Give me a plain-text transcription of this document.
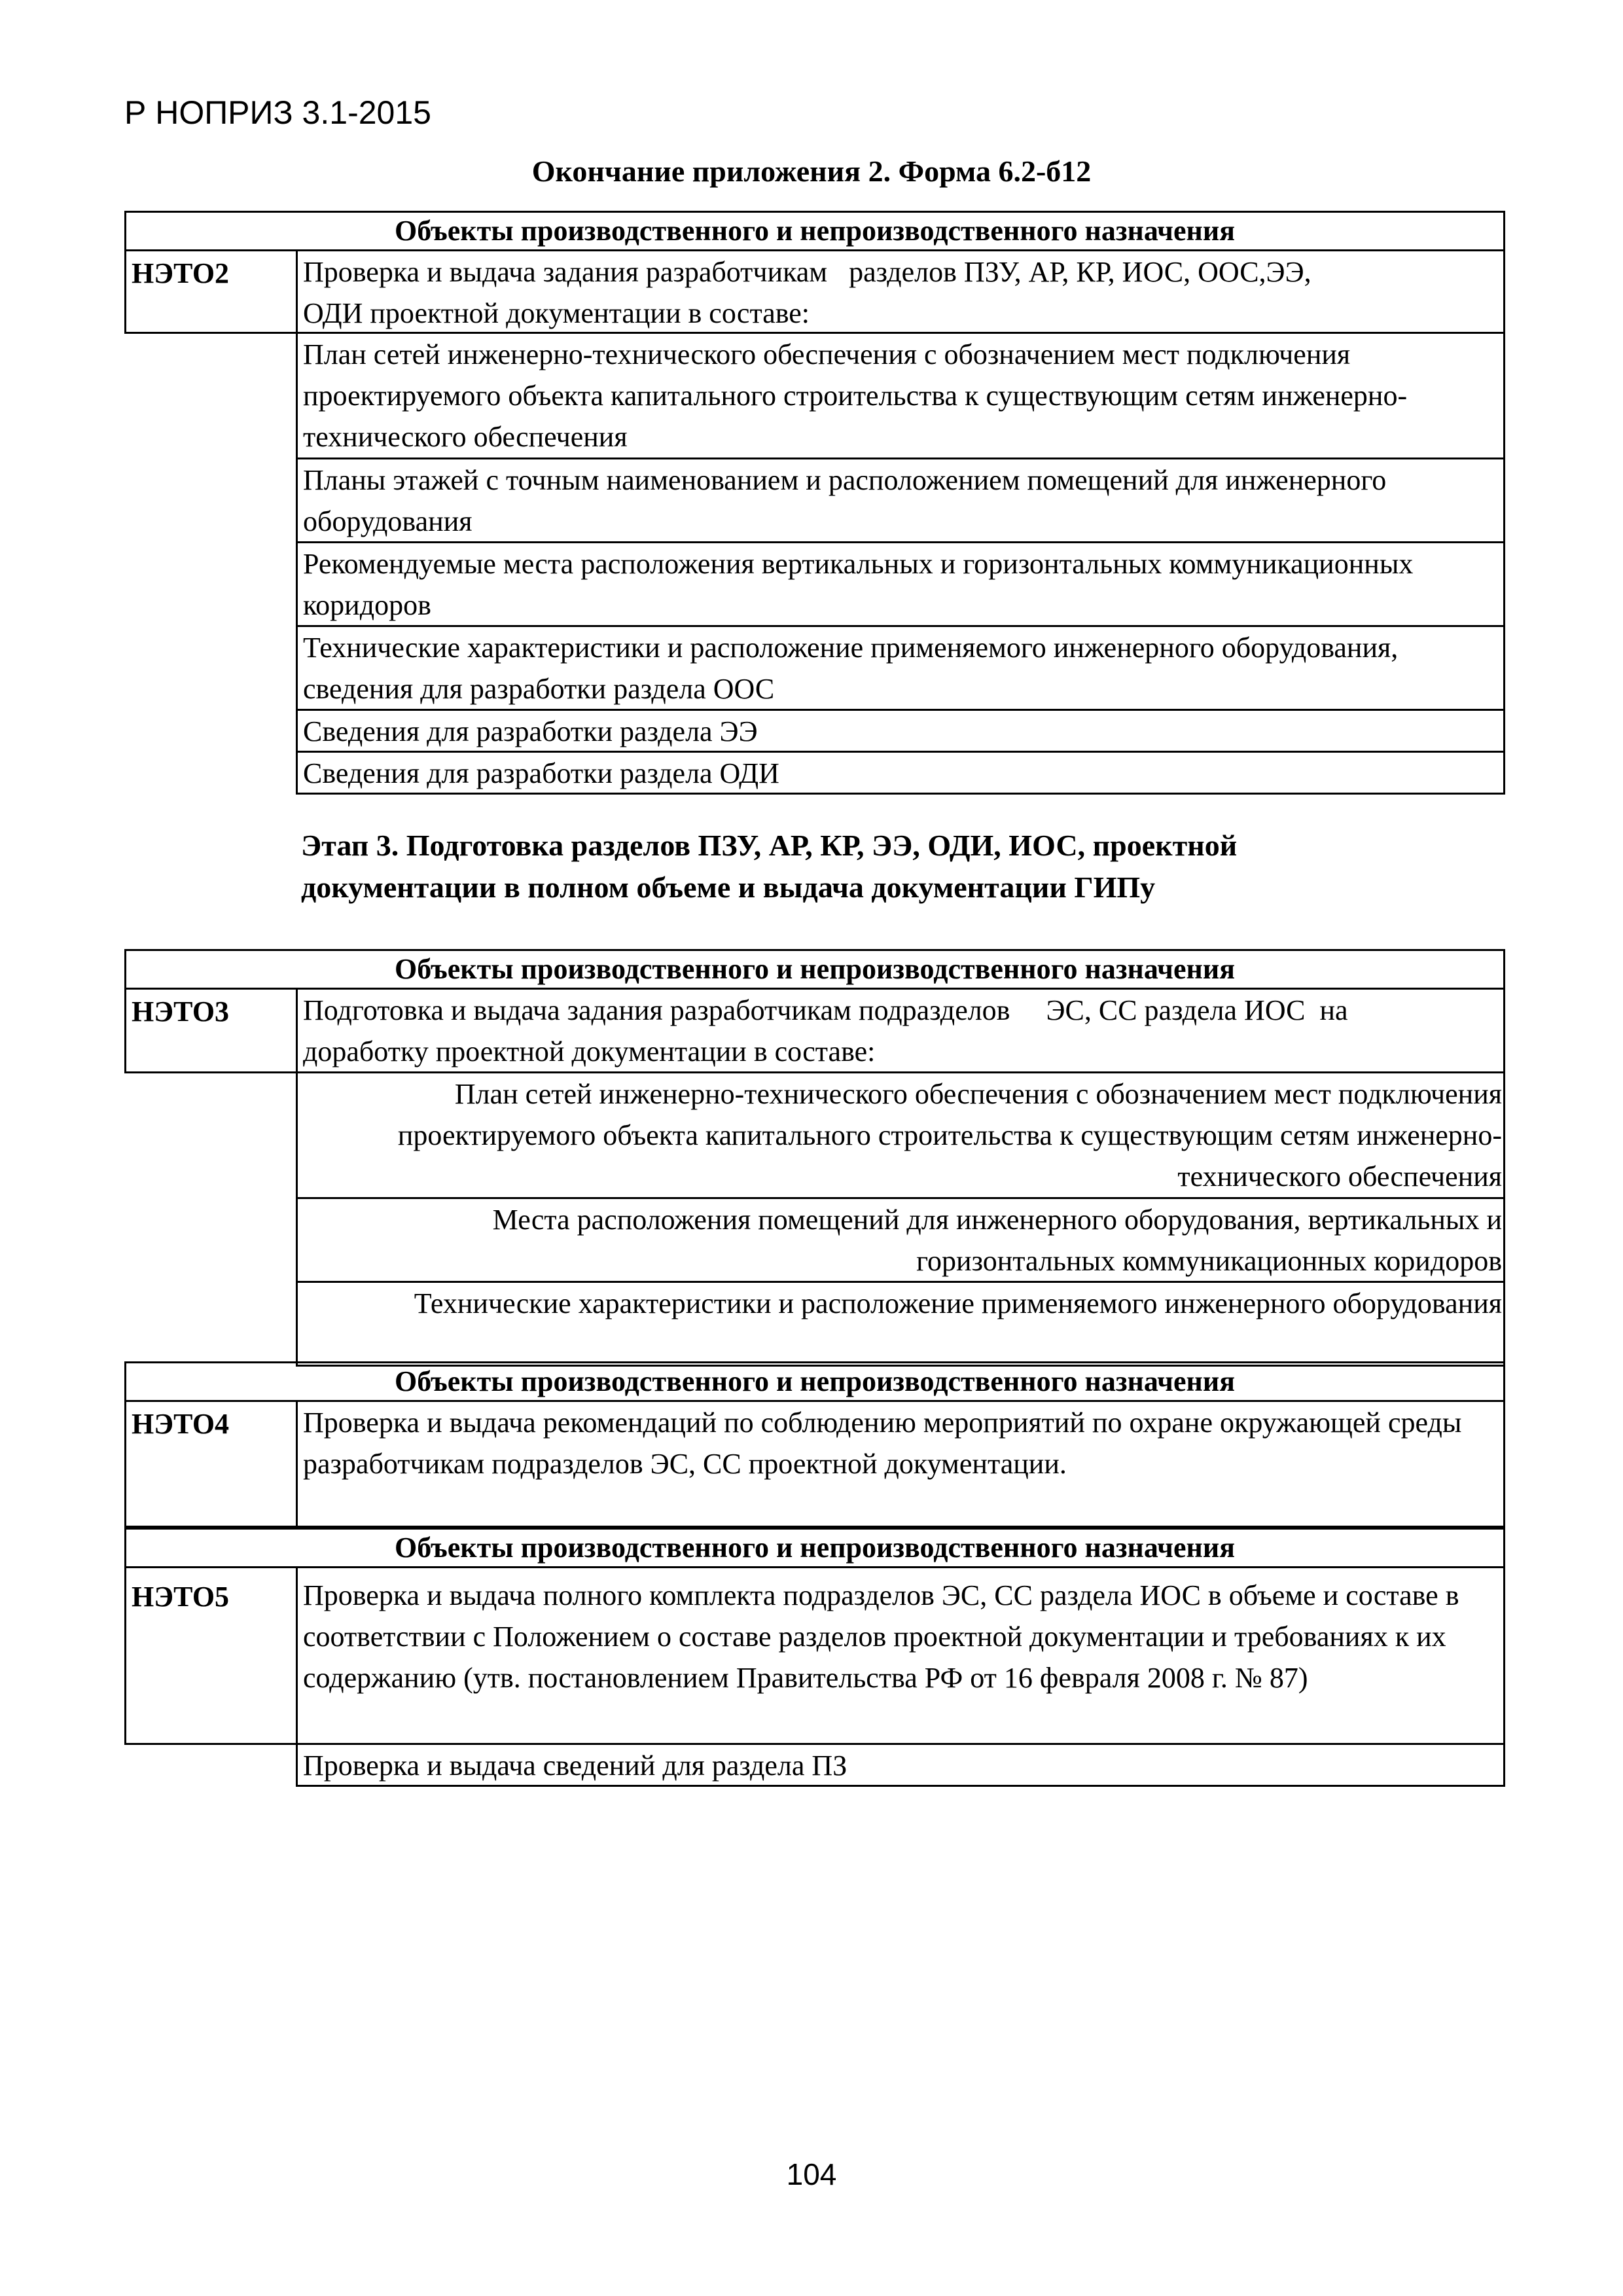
Р НОПРИЗ 3.1-2015
Окончание приложения 2. Форма 6.2-б12
Объекты производственного и непроизводственного назначения
НЭТО2	Проверка и выдача задания разработчикам   разделов ПЗУ, АР, КР, ИОС, ООС,ЭЭ,
ОДИ проектной документации в составе:
План сетей инженерно-технического обеспечения с обозначением мест подключения проектируемого объекта капитального строительства к существующим сетям инженерно-технического обеспечения
Планы этажей с точным наименованием и расположением помещений для инженерного оборудования
Рекомендуемые места расположения вертикальных и горизонтальных коммуникационных коридоров
Технические характеристики и расположение применяемого инженерного оборудования, сведения для разработки раздела ООС
Сведения для разработки раздела ЭЭ
Сведения для разработки раздела ОДИ
Этап 3. Подготовка разделов ПЗУ, АР, КР, ЭЭ, ОДИ, ИОС, проектной
документации в полном объеме и выдача документации ГИПу
Объекты производственного и непроизводственного назначения
НЭТО3	Подготовка и выдача задания разработчикам подразделов     ЭС, СС раздела ИОС  на
доработку проектной документации в составе:
План сетей инженерно-технического обеспечения с обозначением мест подключения проектируемого объекта капитального строительства к существующим сетям инженерно-технического обеспечения
Места расположения помещений для инженерного оборудования, вертикальных и горизонтальных коммуникационных коридоров
Технические характеристики и расположение применяемого инженерного оборудования
Объекты производственного и непроизводственного назначения
НЭТО4	Проверка и выдача рекомендаций по соблюдению мероприятий по охране окружающей среды разработчикам подразделов ЭС, СС проектной документации.
Объекты производственного и непроизводственного назначения
НЭТО5	Проверка и выдача полного комплекта подразделов ЭС, СС раздела ИОС в объеме и составе в соответствии с Положением о составе разделов проектной документации и требованиях к их содержанию (утв. постановлением Правительства РФ от 16 февраля 2008 г. № 87)
Проверка и выдача сведений для раздела ПЗ
104
